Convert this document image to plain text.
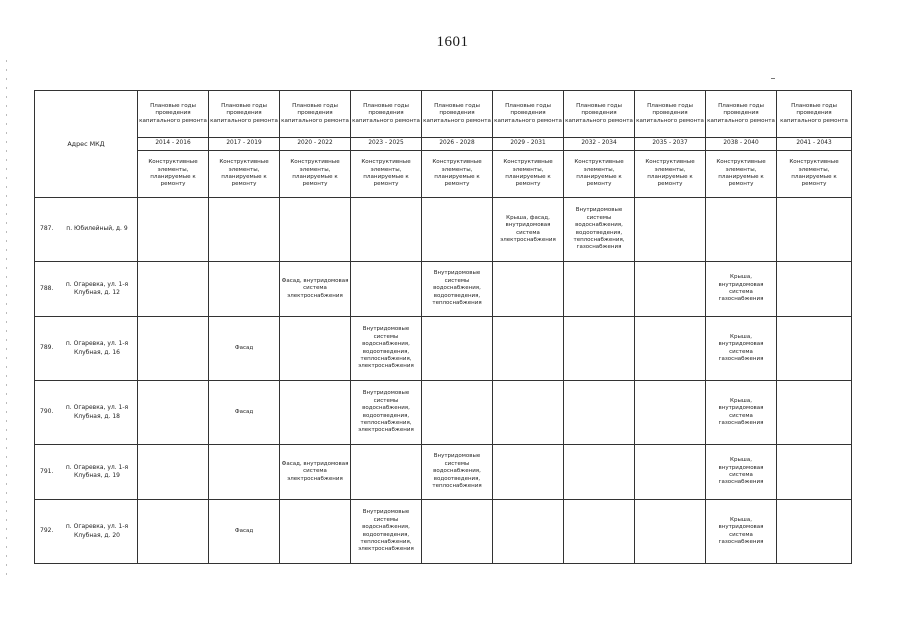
1601
Адрес МКД	Плановые годы проведения капитального ремонта	Плановые годы проведения капитального ремонта	Плановые годы проведения капитального ремонта	Плановые годы проведения капитального ремонта	Плановые годы проведения капитального ремонта	Плановые годы проведения капитального ремонта	Плановые годы проведения капитального ремонта	Плановые годы проведения капитального ремонта	Плановые годы проведения капитального ремонта	Плановые годы проведения капитального ремонта
	2014 - 2016	2017 - 2019	2020 - 2022	2023 - 2025	2026 - 2028	2029 - 2031	2032 - 2034	2035 - 2037	2038 - 2040	2041 - 2043
	Конструктивные элементы, планируемые к ремонту	Конструктивные элементы, планируемые к ремонту	Конструктивные элементы, планируемые к ремонту	Конструктивные элементы, планируемые к ремонту	Конструктивные элементы, планируемые к ремонту	Конструктивные элементы, планируемые к ремонту	Конструктивные элементы, планируемые к ремонту	Конструктивные элементы, планируемые к ремонту	Конструктивные элементы, планируемые к ремонту	Конструктивные элементы, планируемые к ремонту
787. п. Юбилейный, д. 9						Крыша, фасад, внутридомовая система электроснабжения	Внутридомовые системы водоснабжения, водоотведения, теплоснабжения, газоснабжения			
788.п. Огаревка, ул. 1-я Клубная, д. 12			Фасад, внутридомовая система электроснабжения		Внутридомовые системы водоснабжения, водоотведения, теплоснабжения				Крыша, внутридомовая система газоснабжения	
789.п. Огаревка, ул. 1-я Клубная, д. 16		Фасад		Внутридомовые системы водоснабжения, водоотведения, теплоснабжения, электроснабжения					Крыша, внутридомовая система газоснабжения	
790.п. Огаревка, ул. 1-я Клубная, д. 18		Фасад		Внутридомовые системы водоснабжения, водоотведения, теплоснабжения, электроснабжения					Крыша, внутридомовая система газоснабжения	
791.п. Огаревка, ул. 1-я Клубная, д. 19			Фасад, внутридомовая система электроснабжения		Внутридомовые системы водоснабжения, водоотведения, теплоснабжения				Крыша, внутридомовая система газоснабжения	
792.п. Огаревка, ул. 1-я Клубная, д. 20		Фасад		Внутридомовые системы водоснабжения, водоотведения, теплоснабжения, электроснабжения					Крыша, внутридомовая система газоснабжения	
